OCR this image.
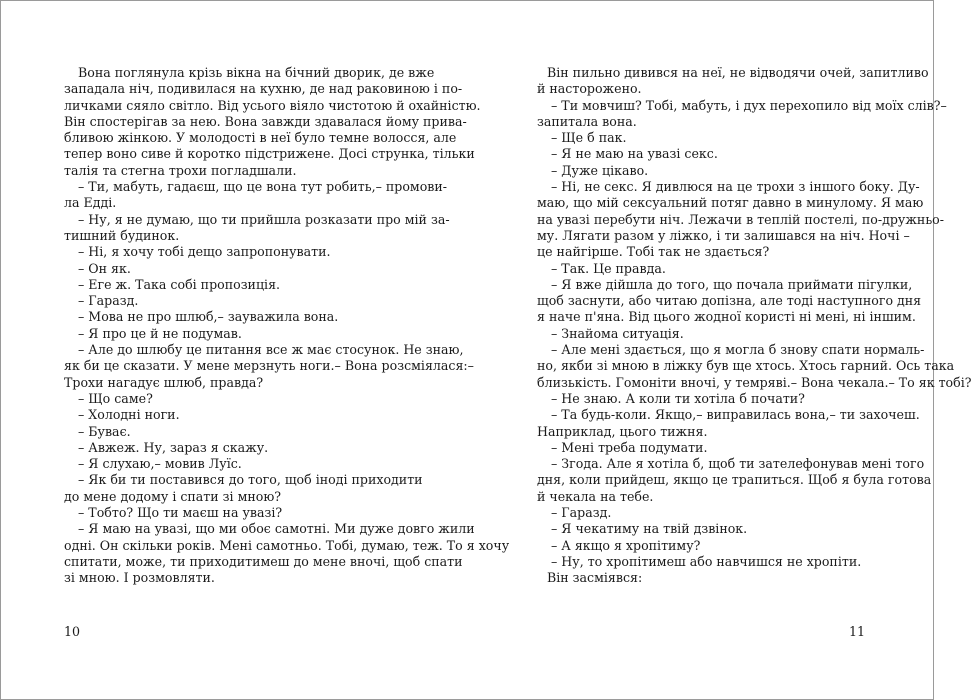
Вона поглянула крізь вікна на бічний дворик, де вже
западала ніч, подивилася на кухню, де над раковиною і по-
личками сяяло світло. Від усього віяло чистотою й охайністю.
Він спостерігав за нею. Вона завжди здавалася йому прива-
бливою жінкою. У молодості в неї було темне волосся, але
тепер воно сиве й коротко підстрижене. Досі струнка, тільки
талія та стегна трохи погладшали.
– Ти, мабуть, гадаєш, що це вона тут робить,– промови-
ла Едді.
– Ну, я не думаю, що ти прийшла розказати про мій за-
тишний будинок.
– Ні, я хочу тобі дещо запропонувати.
– Он як.
– Еге ж. Така собі пропозиція.
– Гаразд.
– Мова не про шлюб,– зауважила вона.
– Я про це й не подумав.
– Але до шлюбу це питання все ж має стосунок. Не знаю,
як би це сказати. У мене мерзнуть ноги.– Вона розсміялася:–
Трохи нагадує шлюб, правда?
– Що саме?
– Холодні ноги.
– Буває.
– Авжеж. Ну, зараз я скажу.
– Я слухаю,– мовив Луїс.
– Як би ти поставився до того, щоб іноді приходити
до мене додому і спати зі мною?
– Тобто? Що ти маєш на увазі?
– Я маю на увазі, що ми обоє самотні. Ми дуже довго жили
одні. Он скільки років. Мені самотньо. Тобі, думаю, теж. То я хочу
спитати, може, ти приходитимеш до мене вночі, щоб спати
зі мною. І розмовляти.
Він пильно дивився на неї, не відводячи очей, запитливо
й насторожено.
– Ти мовчиш? Тобі, мабуть, і дух перехопило від моїх слів?–
запитала вона.
– Ще б пак.
– Я не маю на увазі секс.
– Дуже цікаво.
– Ні, не секс. Я дивлюся на це трохи з іншого боку. Ду-
маю, що мій сексуальний потяг давно в минулому. Я маю
на увазі перебути ніч. Лежачи в теплій постелі, по-дружньо-
му. Лягати разом у ліжко, і ти залишався на ніч. Ночі –
це найгірше. Тобі так не здається?
– Так. Це правда.
– Я вже дійшла до того, що почала приймати пігулки,
щоб заснути, або читаю допізна, але тоді наступного дня
я наче п'яна. Від цього жодної користі ні мені, ні іншим.
– Знайома ситуація.
– Але мені здається, що я могла б знову спати нормаль-
но, якби зі мною в ліжку був ще хтось. Хтось гарний. Ось така
близькість. Гомоніти вночі, у темряві.– Вона чекала.– То як тобі?
– Не знаю. А коли ти хотіла б почати?
– Та будь-коли. Якщо,– виправилась вона,– ти захочеш.
Наприклад, цього тижня.
– Мені треба подумати.
– Згода. Але я хотіла б, щоб ти зателефонував мені того
дня, коли прийдеш, якщо це трапиться. Щоб я була готова
й чекала на тебе.
– Гаразд.
– Я чекатиму на твій дзвінок.
– А якщо я хропітиму?
– Ну, то хропітимеш або навчишся не хропіти.
Він засміявся:
10	11
